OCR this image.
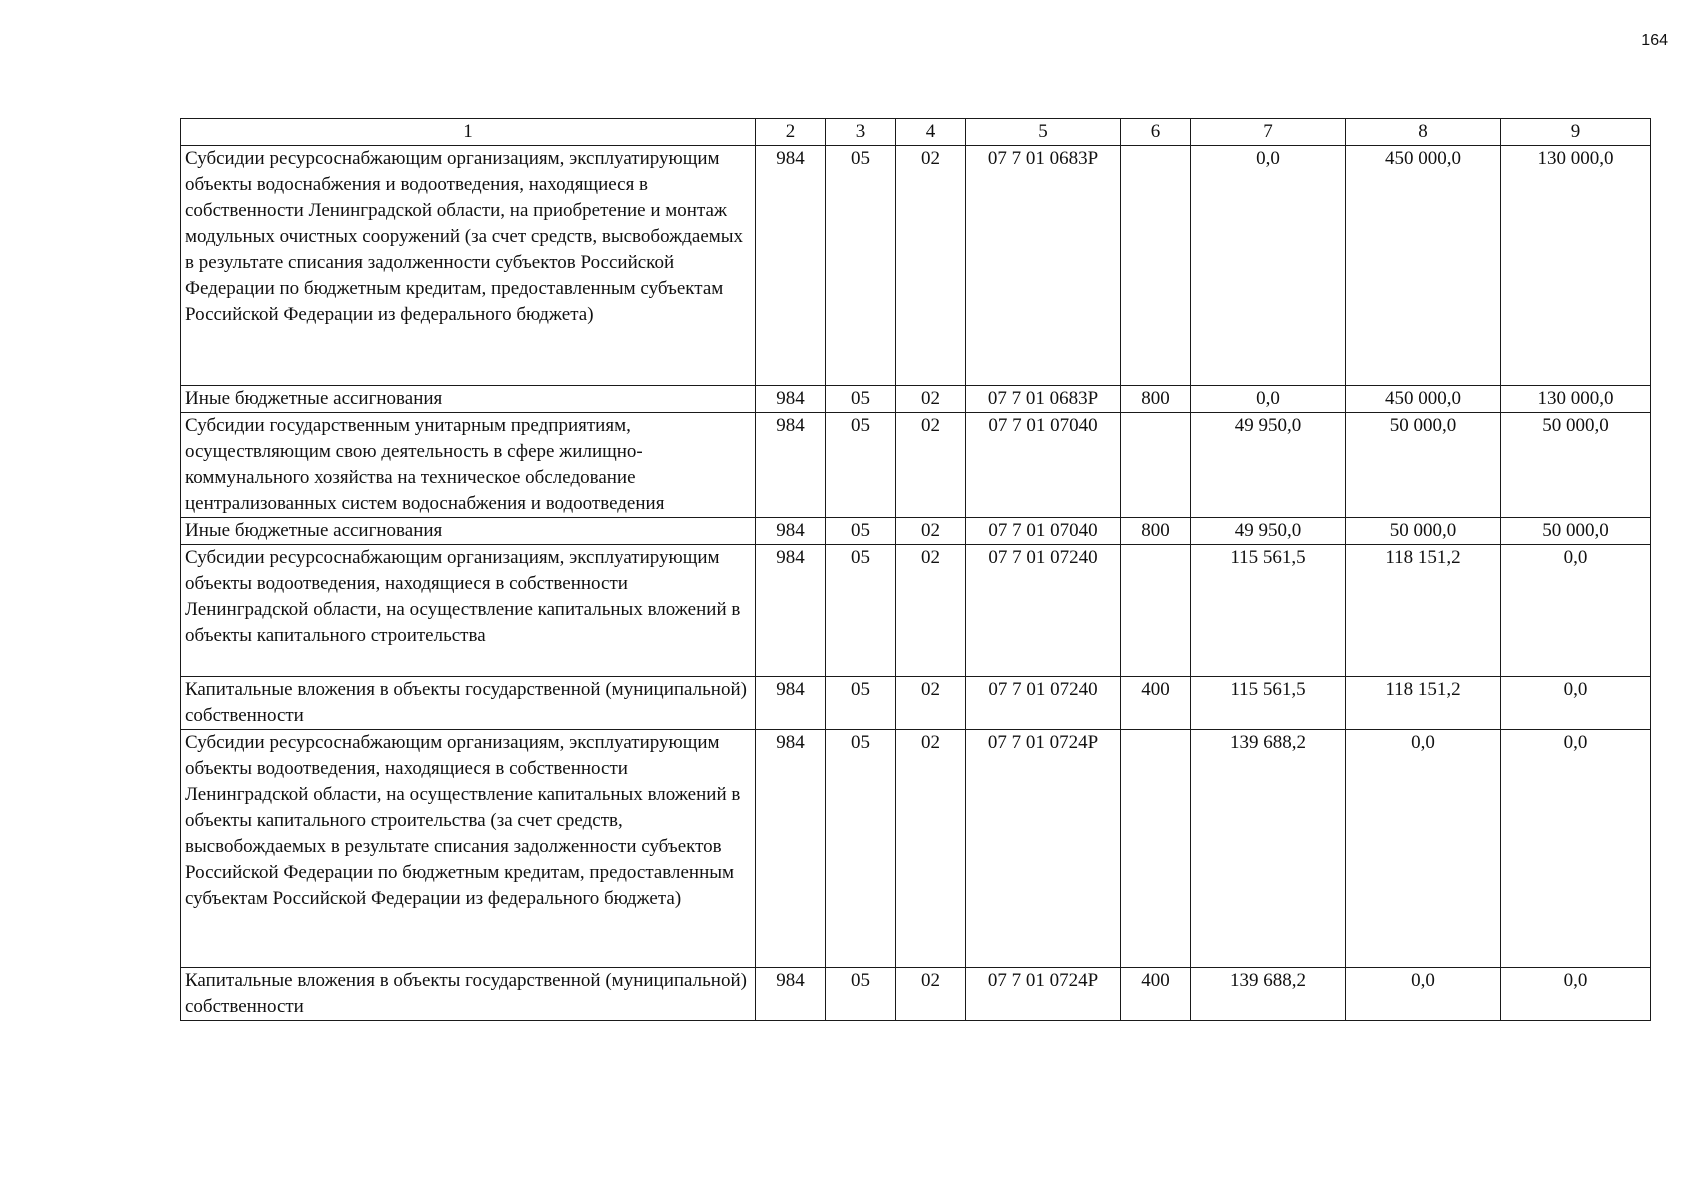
164
1	2	3	4	5	6	7	8	9
Субсидии ресурсоснабжающим организациям, эксплуатирующим объекты водоснабжения и водоотведения, находящиеся в собственности Ленинградской области, на приобретение и монтаж модульных очистных сооружений (за счет средств, высвобождаемых в результате списания задолженности субъектов Российской Федерации по бюджетным кредитам, предоставленным субъектам Российской Федерации из федерального бюджета)	984	05	02	07 7 01 0683Р		0,0	450 000,0	130 000,0
Иные бюджетные ассигнования	984	05	02	07 7 01 0683Р	800	0,0	450 000,0	130 000,0
Субсидии государственным унитарным предприятиям, осуществляющим свою деятельность в сфере жилищно-коммунального хозяйства на техническое обследование централизованных систем водоснабжения и водоотведения	984	05	02	07 7 01 07040		49 950,0	50 000,0	50 000,0
Иные бюджетные ассигнования	984	05	02	07 7 01 07040	800	49 950,0	50 000,0	50 000,0
Субсидии ресурсоснабжающим организациям, эксплуатирующим объекты водоотведения, находящиеся в собственности Ленинградской области, на осуществление капитальных вложений в объекты капитального строительства	984	05	02	07 7 01 07240		115 561,5	118 151,2	0,0
Капитальные вложения в объекты государственной (муниципальной) собственности	984	05	02	07 7 01 07240	400	115 561,5	118 151,2	0,0
Субсидии ресурсоснабжающим организациям, эксплуатирующим объекты водоотведения, находящиеся в собственности Ленинградской области, на осуществление капитальных вложений в объекты капитального строительства (за счет средств, высвобождаемых в результате списания задолженности субъектов Российской Федерации по бюджетным кредитам, предоставленным субъектам Российской Федерации из федерального бюджета)	984	05	02	07 7 01 0724Р		139 688,2	0,0	0,0
Капитальные вложения в объекты государственной (муниципальной) собственности	984	05	02	07 7 01 0724Р	400	139 688,2	0,0	0,0
